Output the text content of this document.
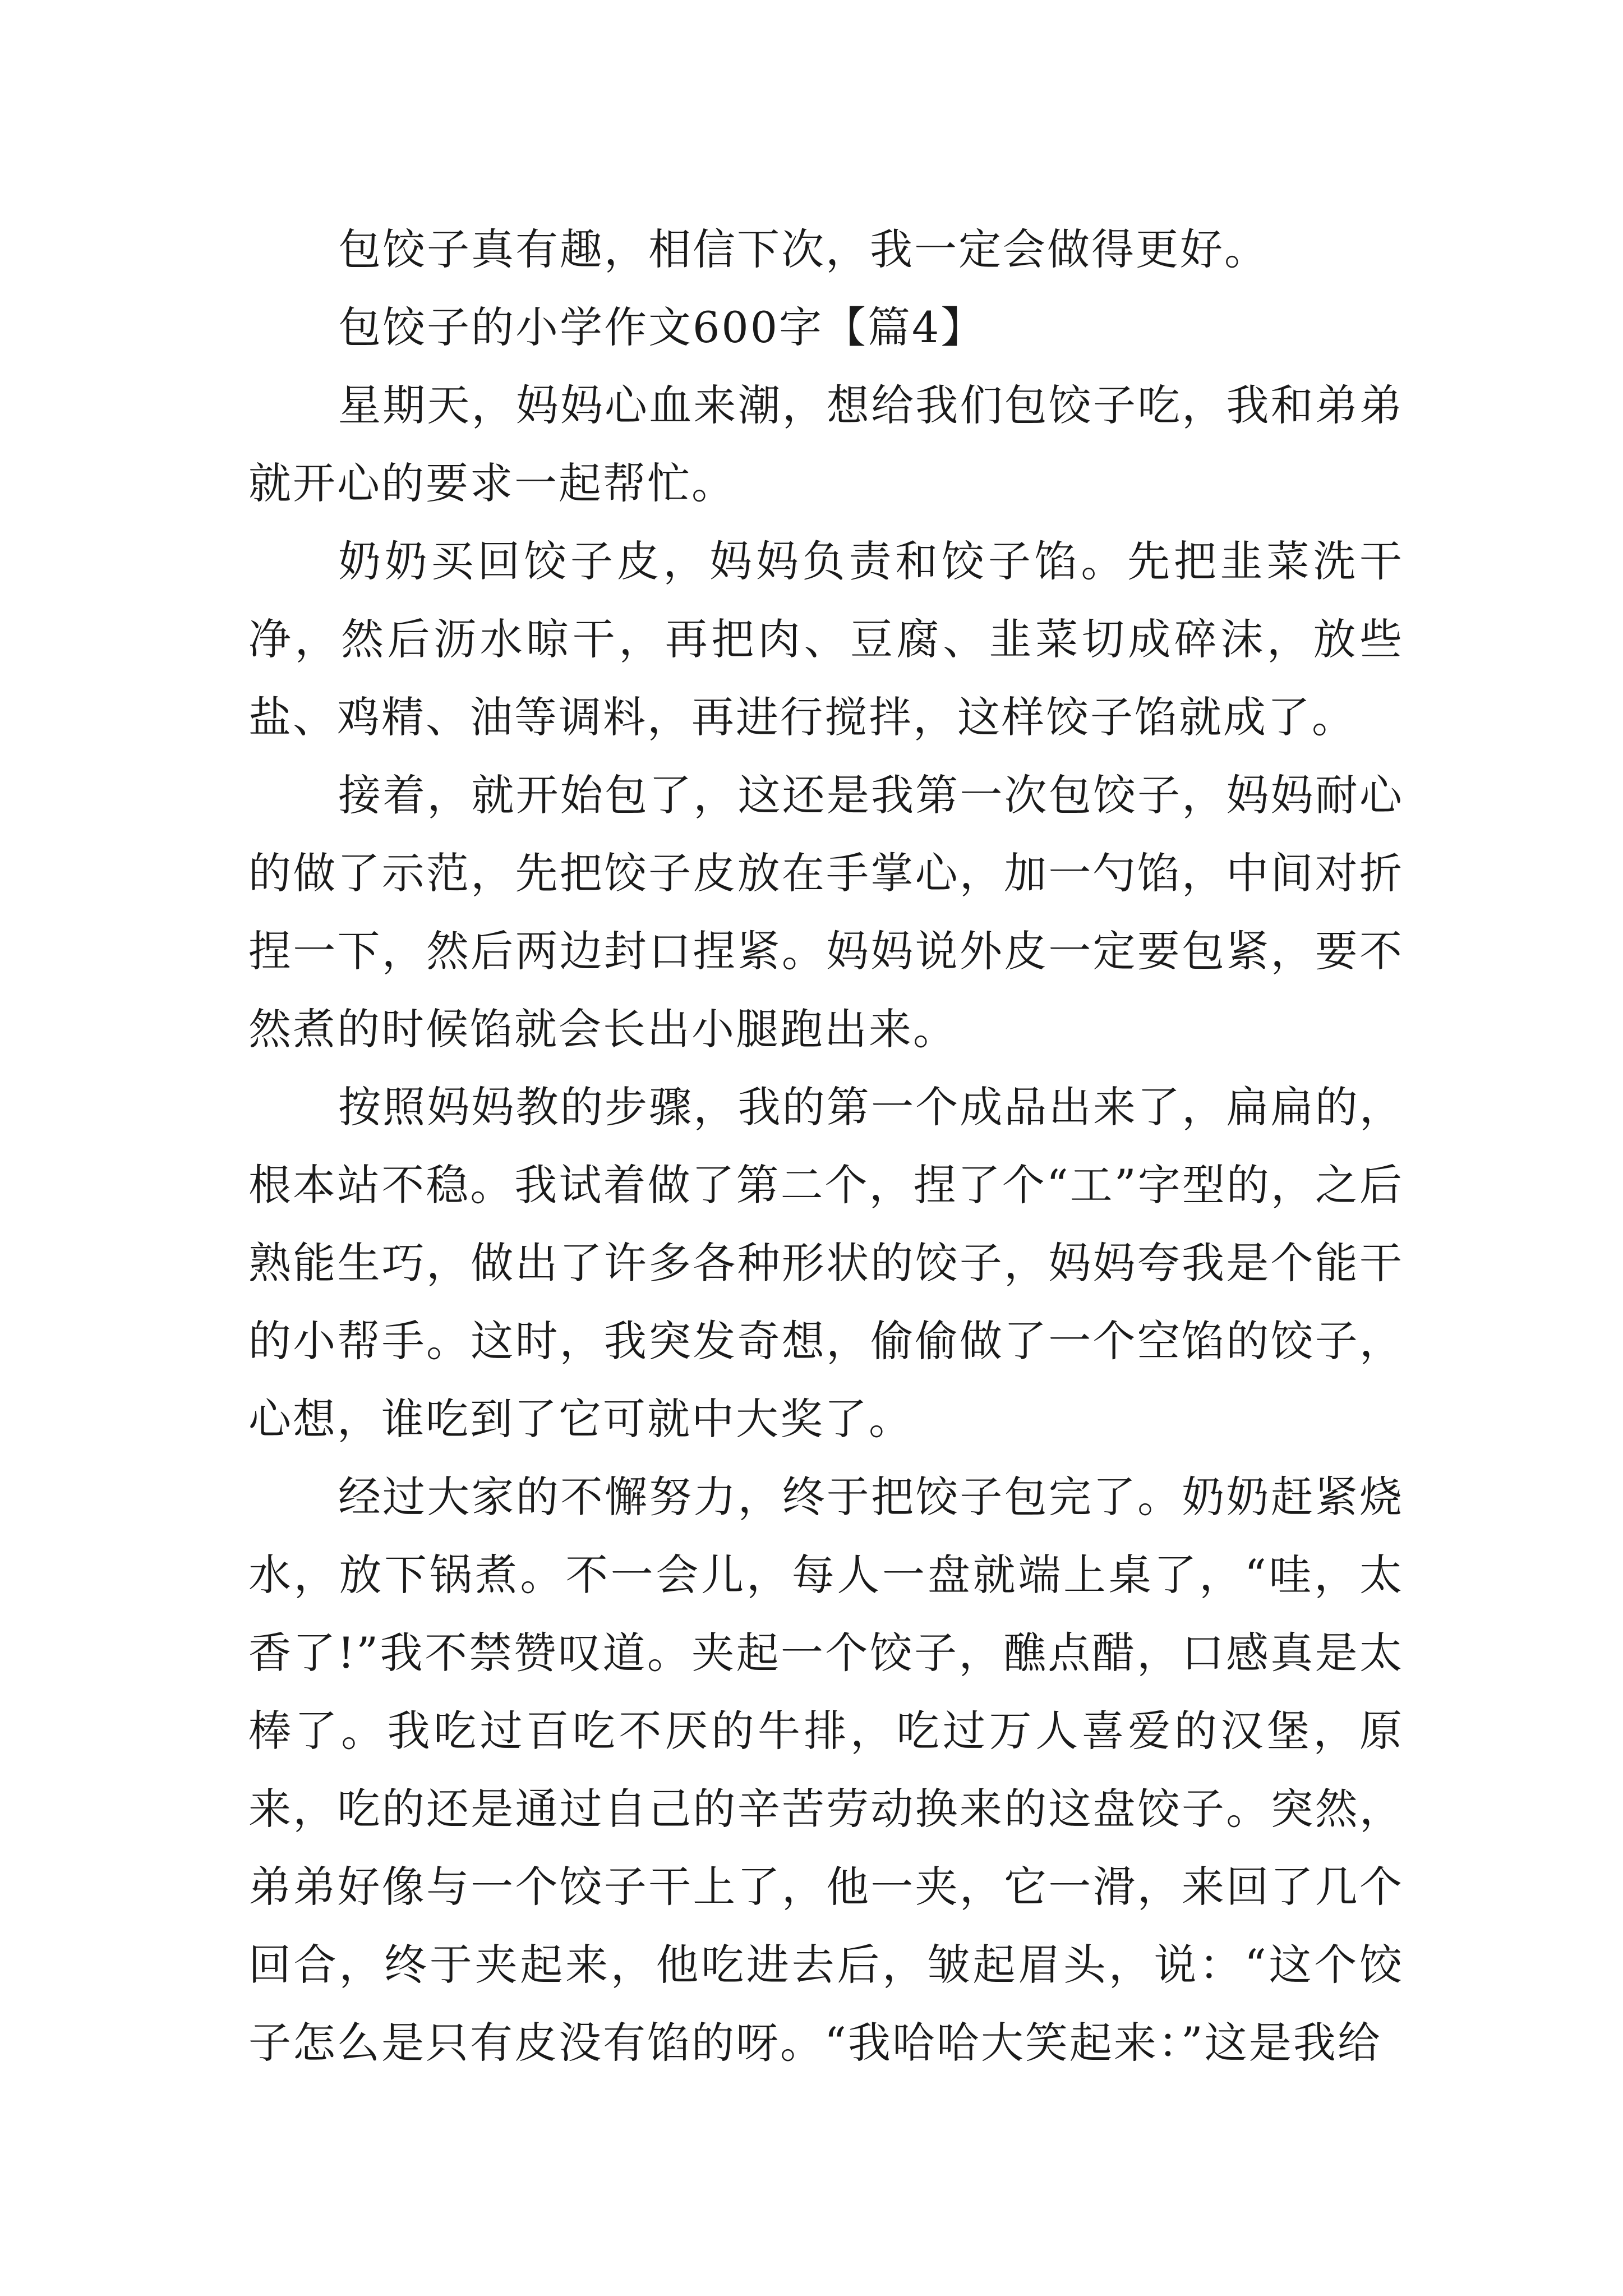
包饺子真有趣，相信下次，我一定会做得更好。

包饺子的小学作文600字【篇4】

星期天，妈妈心血来潮，想给我们包饺子吃，我和弟弟就开心的要求一起帮忙。

奶奶买回饺子皮，妈妈负责和饺子馅。先把韭菜洗干净，然后沥水晾干，再把肉、豆腐、韭菜切成碎沫，放些盐、鸡精、油等调料，再进行搅拌，这样饺子馅就成了。

接着，就开始包了，这还是我第一次包饺子，妈妈耐心的做了示范，先把饺子皮放在手掌心，加一勺馅，中间对折捏一下，然后两边封口捏紧。妈妈说外皮一定要包紧，要不然煮的时候馅就会长出小腿跑出来。

按照妈妈教的步骤，我的第一个成品出来了，扁扁的，根本站不稳。我试着做了第二个，捏了个“工”字型的，之后熟能生巧，做出了许多各种形状的饺子，妈妈夸我是个能干的小帮手。这时，我突发奇想，偷偷做了一个空馅的饺子，心想，谁吃到了它可就中大奖了。

经过大家的不懈努力，终于把饺子包完了。奶奶赶紧烧水，放下锅煮。不一会儿，每人一盘就端上桌了，“哇，太香了!”我不禁赞叹道。夹起一个饺子，醮点醋，口感真是太棒了。我吃过百吃不厌的牛排，吃过万人喜爱的汉堡，原来，吃的还是通过自己的辛苦劳动换来的这盘饺子。突然，弟弟好像与一个饺子干上了，他一夹，它一滑，来回了几个回合，终于夹起来，他吃进去后，皱起眉头，说：“这个饺子怎么是只有皮没有馅的呀。“我哈哈大笑起来：”这是我给
